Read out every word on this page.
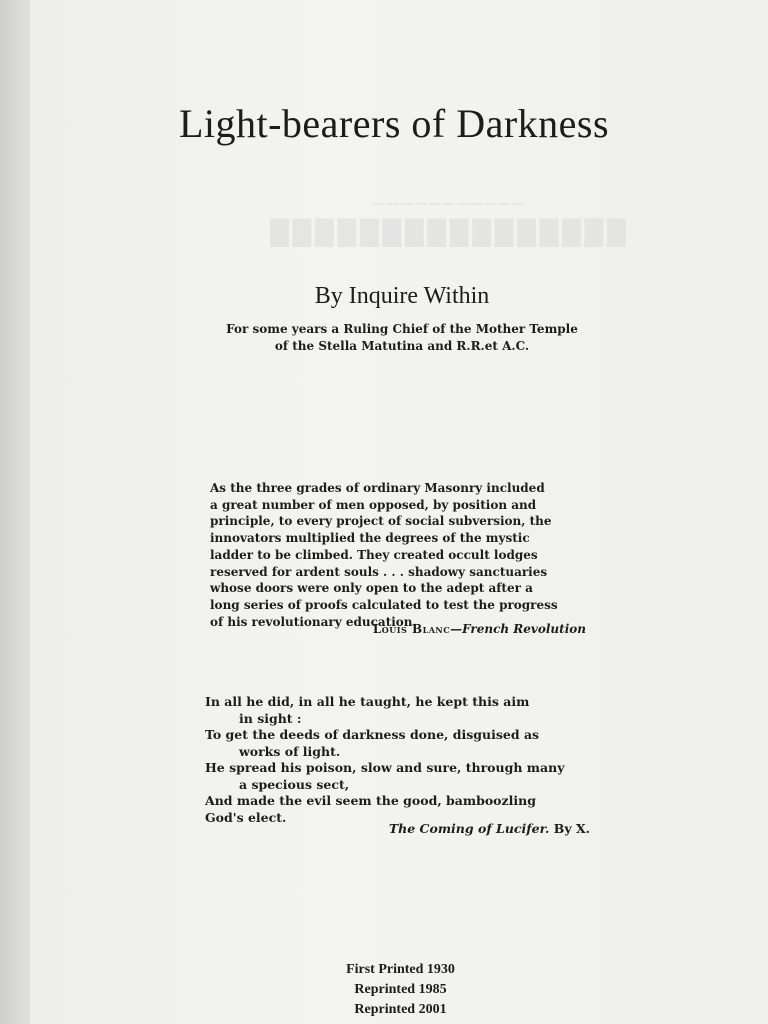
───────────
████████████████
Light-bearers of Darkness
By Inquire Within
For some years a Ruling Chief of the Mother Temple
of the Stella Matutina and R.R.et A.C.
As the three grades of ordinary Masonry included
a great number of men opposed, by position and
principle, to every project of social subversion, the
innovators multiplied the degrees of the mystic
ladder to be climbed. They created occult lodges
reserved for ardent souls . . . shadowy sanctuaries
whose doors were only open to the adept after a
long series of proofs calculated to test the progress
of his revolutionary education.
Louis Blanc—French Revolution
In all he did, in all he taught, he kept this aim
in sight :
To get the deeds of darkness done, disguised as
works of light.
He spread his poison, slow and sure, through many
a specious sect,
And made the evil seem the good, bamboozling
God's elect.
The Coming of Lucifer. By X.
First Printed 1930
Reprinted 1985
Reprinted 2001
